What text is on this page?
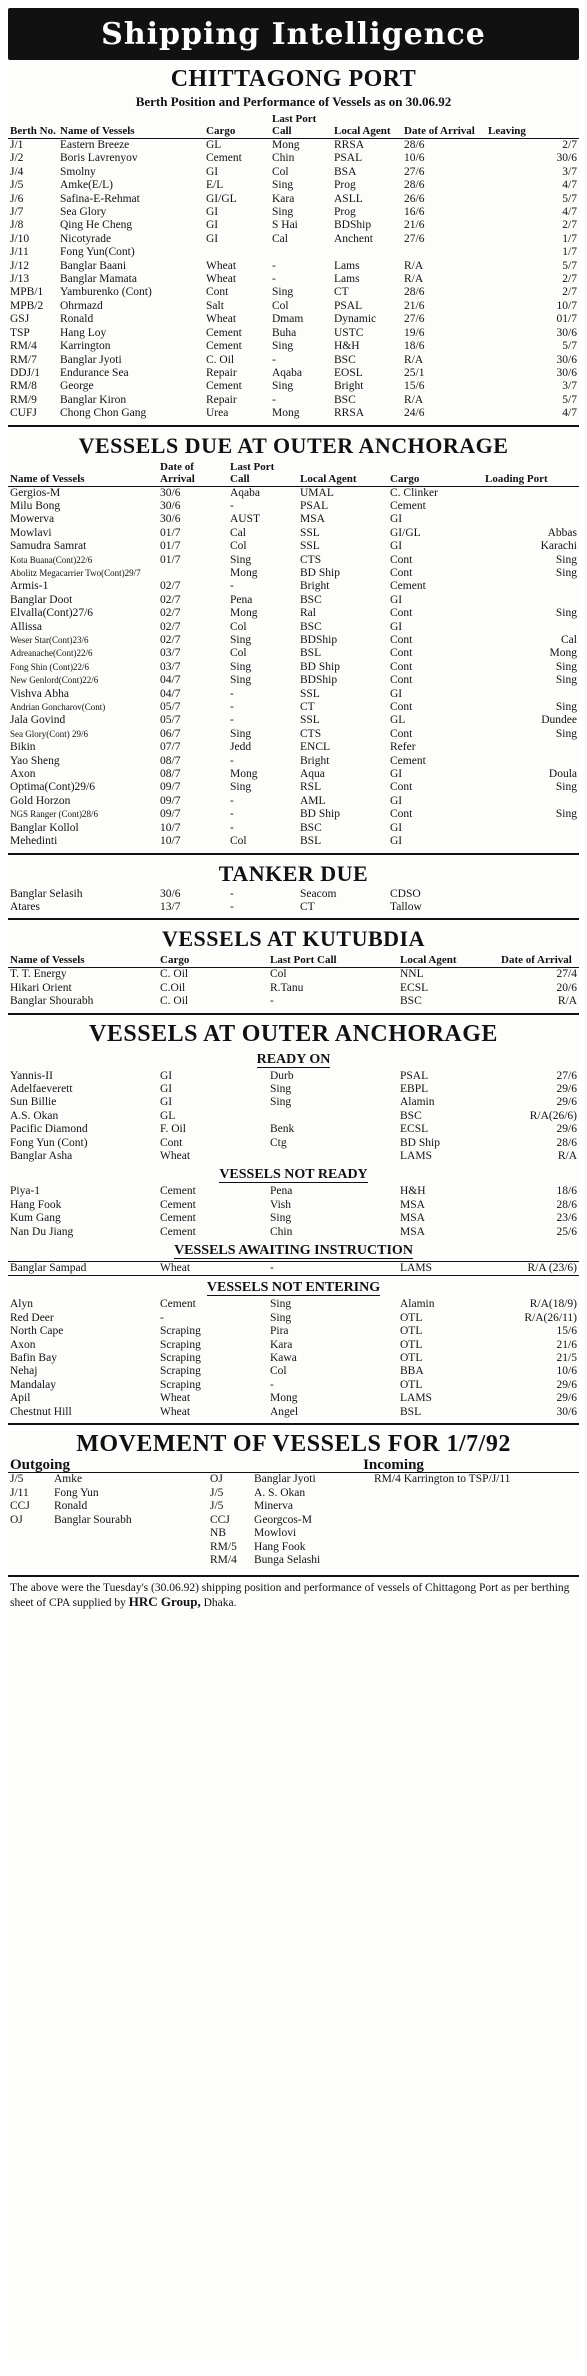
Shipping Intelligence
CHITTAGONG PORT
Berth Position and Performance of Vessels as on 30.06.92
Berth No.	Name of Vessels	Cargo	Last Port Call	Local Agent	Date of Arrival	Leaving
J/1	Eastern Breeze	GL	Mong	RRSA	28/6	2/7
J/2	Boris Lavrenyov	Cement	Chin	PSAL	10/6	30/6
J/4	Smolny	GI	Col	BSA	27/6	3/7
J/5	Amke(E/L)	E/L	Sing	Prog	28/6	4/7
J/6	Safina-E-Rehmat	GI/GL	Kara	ASLL	26/6	5/7
J/7	Sea Glory	GI	Sing	Prog	16/6	4/7
J/8	Qing He Cheng	GI	S Hai	BDShip	21/6	2/7
J/10	Nicotyrade	GI	Cal	Anchent	27/6	1/7
J/11	Fong Yun(Cont)					1/7
J/12	Banglar Baani	Wheat	-	Lams	R/A	5/7
J/13	Banglar Mamata	Wheat	-	Lams	R/A	2/7
MPB/1	Yamburenko (Cont)	Cont	Sing	CT	28/6	2/7
MPB/2	Ohrmazd	Salt	Col	PSAL	21/6	10/7
GSJ	Ronald	Wheat	Dmam	Dynamic	27/6	01/7
TSP	Hang Loy	Cement	Buha	USTC	19/6	30/6
RM/4	Karrington	Cement	Sing	H&H	18/6	5/7
RM/7	Banglar Jyoti	C. Oil	-	BSC	R/A	30/6
DDJ/1	Endurance Sea	Repair	Aqaba	EOSL	25/1	30/6
RM/8	George	Cement	Sing	Bright	15/6	3/7
RM/9	Banglar Kiron	Repair	-	BSC	R/A	5/7
CUFJ	Chong Chon Gang	Urea	Mong	RRSA	24/6	4/7
VESSELS DUE AT OUTER ANCHORAGE
Name of Vessels	Date of Arrival	Last Port Call	Local Agent	Cargo	Loading Port
Gergios-M	30/6	Aqaba	UMAL	C. Clinker	
Milu Bong	30/6	-	PSAL	Cement	
Mowerva	30/6	AUST	MSA	GI	
Mowlavi	01/7	Cal	SSL	GI/GL	Abbas
Samudra Samrat	01/7	Col	SSL	GI	Karachi
Kota Buana(Cont)22/6	01/7	Sing	CTS	Cont	Sing
Abolitz Megacarrier Two(Cont)29/7		Mong	BD Ship	Cont	Sing
Armis-1	02/7	-	Bright	Cement	
Banglar Doot	02/7	Pena	BSC	GI	
Elvalla(Cont)27/6	02/7	Mong	Ral	Cont	Sing
Allissa	02/7	Col	BSC	GI	
Weser Star(Cont)23/6	02/7	Sing	BDShip	Cont	Cal
Adreanache(Cont)22/6	03/7	Col	BSL	Cont	Mong
Fong Shin (Cont)22/6	03/7	Sing	BD Ship	Cont	Sing
New Genlord(Cont)22/6	04/7	Sing	BDShip	Cont	Sing
Vishva Abha	04/7	-	SSL	GI	
Andrian Goncharov(Cont)	05/7	-	CT	Cont	Sing
Jala Govind	05/7	-	SSL	GL	Dundee
Sea Glory(Cont) 29/6	06/7	Sing	CTS	Cont	Sing
Bikin	07/7	Jedd	ENCL	Refer	
Yao Sheng	08/7	-	Bright	Cement	
Axon	08/7	Mong	Aqua	GI	Doula
Optima(Cont)29/6	09/7	Sing	RSL	Cont	Sing
Gold Horzon	09/7	-	AML	GI	
NGS Ranger (Cont)28/6	09/7	-	BD Ship	Cont	Sing
Banglar Kollol	10/7	-	BSC	GI	
Mehedinti	10/7	Col	BSL	GI	
TANKER DUE
Banglar Selasih	30/6	-	Seacom	CDSO
Atares	13/7	-	CT	Tallow
VESSELS AT KUTUBDIA
Name of Vessels	Cargo	Last Port Call	Local Agent	Date of Arrival
T. T. Energy	C. Oil	Col	NNL	27/4
Hikari Orient	C.Oil	R.Tanu	ECSL	20/6
Banglar Shourabh	C. Oil	-	BSC	R/A
VESSELS AT OUTER ANCHORAGE
READY ON
Yannis-II	GI	Durb	PSAL	27/6
Adelfaeverett	GI	Sing	EBPL	29/6
Sun Billie	GI	Sing	Alamin	29/6
A.S. Okan	GL		BSC	R/A(26/6)
Pacific Diamond	F. Oil	Benk	ECSL	29/6
Fong Yun (Cont)	Cont	Ctg	BD Ship	28/6
Banglar Asha	Wheat		LAMS	R/A
VESSELS NOT READY
Piya-1	Cement	Pena	H&H	18/6
Hang Fook	Cement	Vish	MSA	28/6
Kum Gang	Cement	Sing	MSA	23/6
Nan Du Jiang	Cement	Chin	MSA	25/6
VESSELS AWAITING INSTRUCTION
Banglar Sampad	Wheat	-	LAMS	R/A (23/6)
VESSELS NOT ENTERING
Alyn	Cement	Sing	Alamin	R/A(18/9)
Red Deer	-	Sing	OTL	R/A(26/11)
North Cape	Scraping	Pira	OTL	15/6
Axon	Scraping	Kara	OTL	21/6
Bafin Bay	Scraping	Kawa	OTL	21/5
Nehaj	Scraping	Col	BBA	10/6
Mandalay	Scraping	-	OTL	29/6
Apil	Wheat	Mong	LAMS	29/6
Chestnut Hill	Wheat	Angel	BSL	30/6
MOVEMENT OF VESSELS FOR 1/7/92
Outgoing		Incoming		
J/5	Amke	OJ	Banglar Jyoti	RM/4 Karrington to TSP/J/11
J/11	Fong Yun	J/5	A. S. Okan	
CCJ	Ronald	J/5	Minerva	
OJ	Banglar Sourabh	CCJ	Georgcos-M	
		NB	Mowlovi	
		RM/5	Hang Fook	
		RM/4	Bunga Selashi	
The above were the Tuesday's (30.06.92) shipping position and performance of vessels of Chittagong Port as per berthing sheet of CPA supplied by HRC Group, Dhaka.
